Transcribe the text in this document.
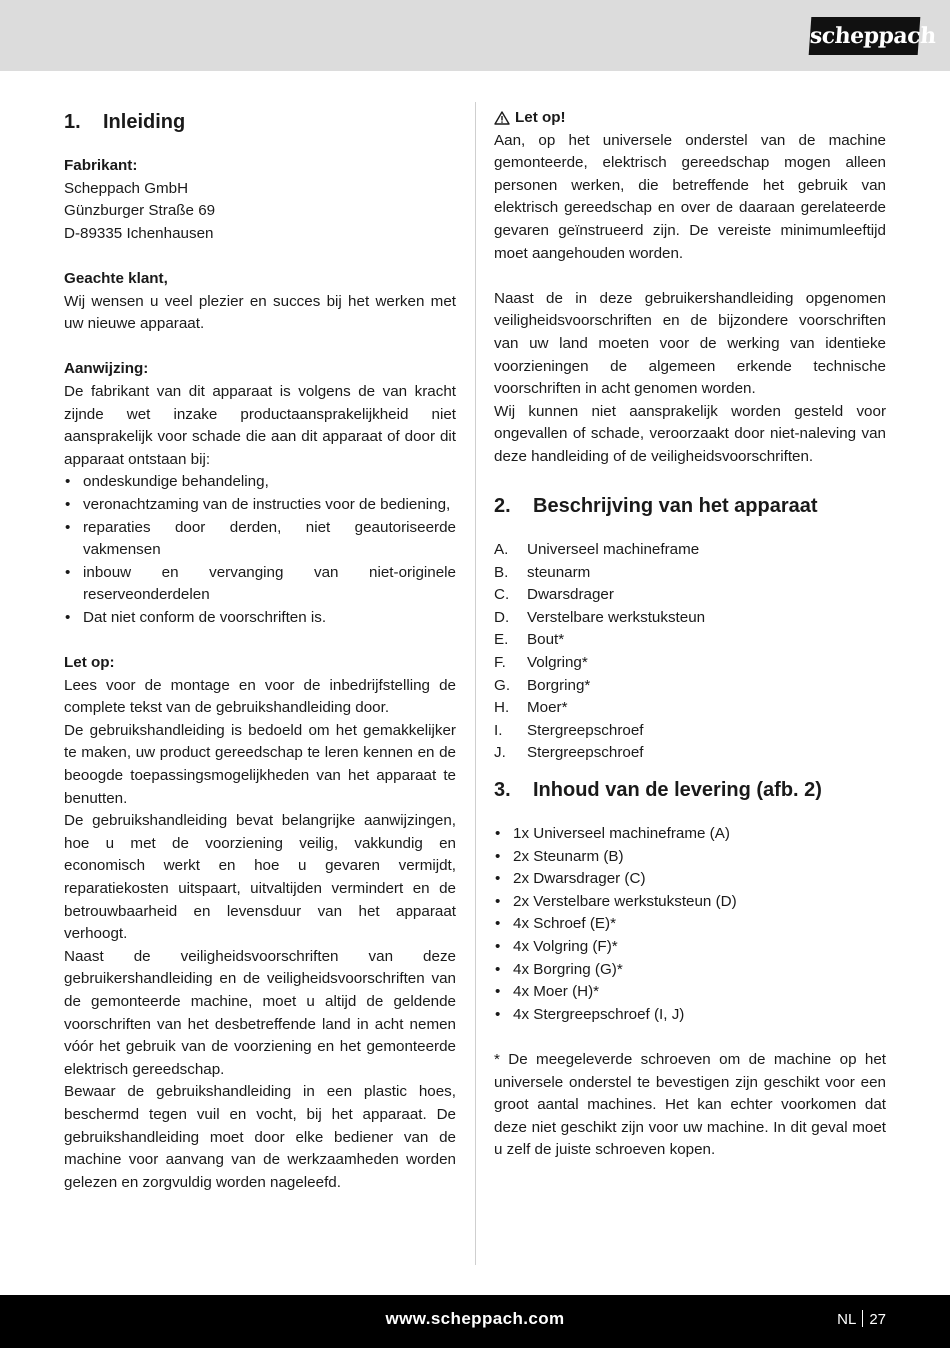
scheppach
1.	Inleiding
Fabrikant:
Scheppach GmbH
Günzburger Straße 69
D-89335 Ichenhausen
Geachte klant,
Wij wensen u veel plezier en succes bij het werken met uw nieuwe apparaat.
Aanwijzing:
De fabrikant van dit apparaat is volgens de van kracht zijnde wet inzake productaansprakelijkheid niet aansprakelijk voor schade die aan dit apparaat of door dit apparaat ontstaan bij:
• ondeskundige behandeling,
• veronachtzaming van de instructies voor de bediening,
• reparaties door derden, niet geautoriseerde vakmensen
• inbouw en vervanging van niet-originele reserveonderdelen
• Dat niet conform de voorschriften is.
Let op:
Lees voor de montage en voor de inbedrijfstelling de complete tekst van de gebruikshandleiding door.
De gebruikshandleiding is bedoeld om het gemakkelijker te maken, uw product gereedschap te leren kennen en de beoogde toepassingsmogelijkheden van het apparaat te benutten.
De gebruikshandleiding bevat belangrijke aanwijzingen, hoe u met de voorziening veilig, vakkundig en economisch werkt en hoe u gevaren vermijdt, reparatiekosten uitspaart, uitvaltijden vermindert en de betrouwbaarheid en levensduur van het apparaat verhoogt.
Naast de veiligheidsvoorschriften van deze gebruikershandleiding en de veiligheidsvoorschriften van de gemonteerde machine, moet u altijd de geldende voorschriften van het desbetreffende land in acht nemen vóór het gebruik van de voorziening en het gemonteerde elektrisch gereedschap.
Bewaar de gebruikshandleiding in een plastic hoes, beschermd tegen vuil en vocht, bij het apparaat. De gebruikshandleiding moet door elke bediener van de machine voor aanvang van de werkzaamheden worden gelezen en zorgvuldig worden nageleefd.
Let op!
Aan, op het universele onderstel van de machine gemonteerde, elektrisch gereedschap mogen alleen personen werken, die betreffende het gebruik van elektrisch gereedschap en over de daaraan gerelateerde gevaren geïnstrueerd zijn. De vereiste minimumleeftijd moet aangehouden worden.
Naast de in deze gebruikershandleiding opgenomen veiligheidsvoorschriften en de bijzondere voorschriften van uw land moeten voor de werking van identieke voorzieningen de algemeen erkende technische voorschriften in acht genomen worden.
Wij kunnen niet aansprakelijk worden gesteld voor ongevallen of schade, veroorzaakt door niet-naleving van deze handleiding of de veiligheidsvoorschriften.
2.	Beschrijving van het apparaat
A.	Universeel machineframe
B.	steunarm
C.	Dwarsdrager
D.	Verstelbare werkstuksteun
E.	Bout*
F.	Volgring*
G.	Borgring*
H.	Moer*
I.	Stergreepschroef
J.	Stergreepschroef
3.	Inhoud van de levering (afb. 2)
• 1x Universeel machineframe (A)
• 2x Steunarm (B)
• 2x Dwarsdrager (C)
• 2x Verstelbare werkstuksteun (D)
• 4x Schroef (E)*
• 4x Volgring (F)*
• 4x Borgring (G)*
• 4x Moer (H)*
• 4x Stergreepschroef (I, J)
* De meegeleverde schroeven om de machine op het universele onderstel te bevestigen zijn geschikt voor een groot aantal machines. Het kan echter voorkomen dat deze niet geschikt zijn voor uw machine. In dit geval moet u zelf de juiste schroeven kopen.
www.scheppach.com	NL 27
